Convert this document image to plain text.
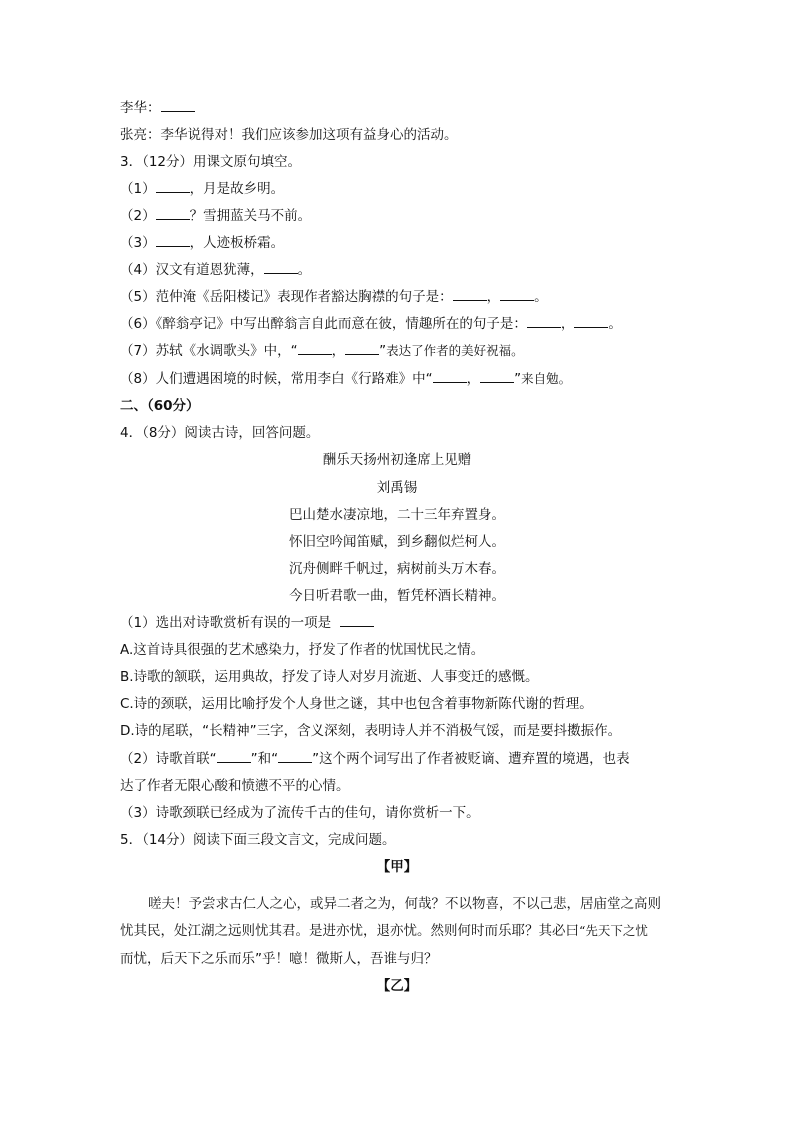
李华：
张亮：李华说得对！我们应该参加这项有益身心的活动。
3．（12分）用课文原句填空。
（1）	，月是故乡明。
（2）	？雪拥蓝关马不前。
（3）	，人迹板桥霜。
（4）汉文有道恩犹薄，	。
（5）范仲淹《岳阳楼记》表现作者豁达胸襟的句子是：	，	。
（6）《醉翁亭记》中写出醉翁言自此而意在彼，情趣所在的句子是：	，	。
（7）苏轼《水调歌头》中，“	，	”表达了作者的美好祝福。
（8）人们遭遇困境的时候，常用李白《行路难》中“	，	”来自勉。
二、（60分）
4．（8分）阅读古诗，回答问题。
酬乐天扬州初逢席上见赠
刘禹锡
巴山楚水凄凉地，二十三年弃置身。
怀旧空吟闻笛赋，到乡翻似烂柯人。
沉舟侧畔千帆过，病树前头万木春。
今日听君歌一曲，暂凭杯酒长精神。
（1）选出对诗歌赏析有误的一项是
A.这首诗具很强的艺术感染力，抒发了作者的忧国忧民之情。
B.诗歌的颔联，运用典故，抒发了诗人对岁月流逝、人事变迁的感慨。
C.诗的颈联，运用比喻抒发个人身世之谜，其中也包含着事物新陈代谢的哲理。
D.诗的尾联，“长精神”三字，含义深刻，表明诗人并不消极气馁，而是要抖擞振作。
（2）诗歌首联“	”和“	”这个两个词写出了作者被贬谪、遭弃置的境遇，也表
达了作者无限心酸和愤懑不平的心情。
（3）诗歌颈联已经成为了流传千古的佳句，请你赏析一下。
5．（14分）阅读下面三段文言文，完成问题。
【甲】
嗟夫！予尝求古仁人之心，或异二者之为，何哉？不以物喜，不以己悲，居庙堂之高则
忧其民，处江湖之远则忧其君。是进亦忧，退亦忧。然则何时而乐耶？其必曰“先天下之忧
而忧，后天下之乐而乐”乎！噫！微斯人，吾谁与归？
【乙】
